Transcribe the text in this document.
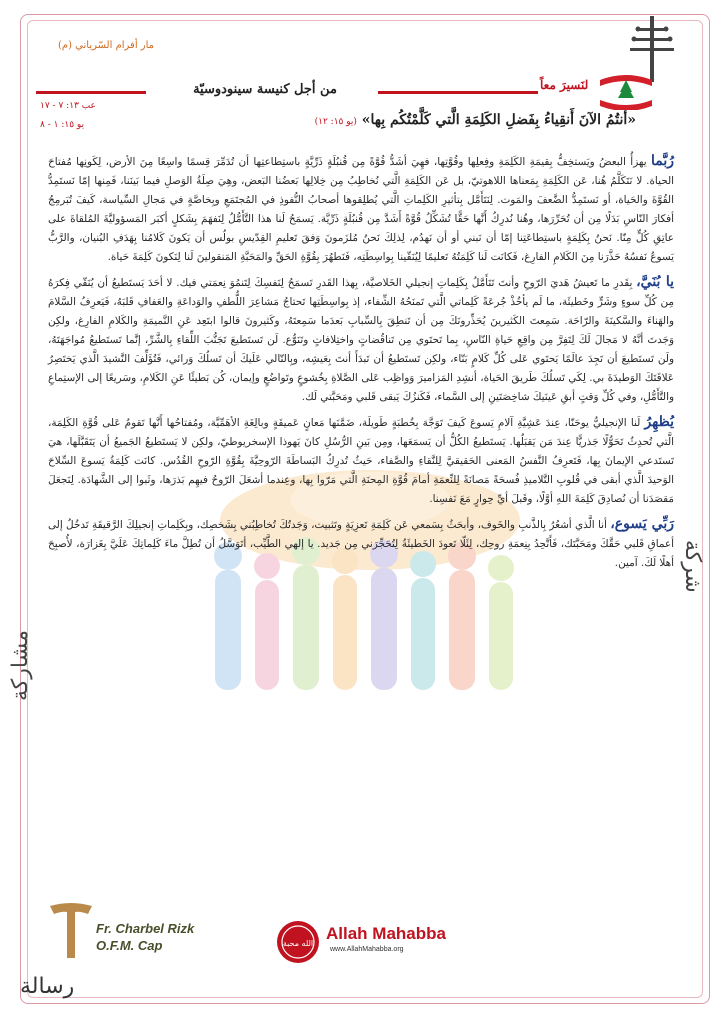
مار أفرام السّرياني (م)
لنَسيرَ معاً
من أجل كنيسة سينودوسيّة
عب ١٣: ٧ - ١٧
يو ١٥: ١ - ٨	«أنتُمُ الآنَ أَنقِياءُ بِفَضلِ الكَلِمَةِ الَّتي كَلَّمْتُكُم بِها» (يو ١٥: ١٢)
شركة
مشاركة
رسالة

رُبَّما يهزأُ البعضُ ويَستخِفُّ بِقيمَةِ الكَلِمَةِ وفِعلِها وقُوَّتِها، فهِيَ أشَدُّ قُوَّةً مِن قُنبُلَةٍ ذَرِّيَّةٍ باستِطاعتِها أن تُدَمِّرَ قِسمًا واسِعًا مِنَ الأرض، لِكَونِها مُفتاحَ الحياة. لا نَتَكَلَّمُ هُنا، عَن الكَلِمَةِ بِمَعناها اللاهوتيّ، بل عَن الكَلِمَةِ الَّتي نُخاطِبُ مِن خِلالِها بَعضُنا البَعض، وهِيَ صِلَةُ الوَصلِ فيما بَينَنا، فَمِنها إمّا نَستَمِدُّ القُوَّةَ والحَياة، أو نَستَمِدُّ الضَّعفَ والمَوت. لِنَتَأَمَّل بِتأثيرِ الكَلِماتِ الَّتي يُطلِقوها أصحابُ النُّفوذِ في المُجتَمَعِ وبِخاصَّةٍ في مَجالِ السِّياسة، كَيفَ تُبَرمِجُ أفكارَ النّاسِ بَدَلًا مِن أن تُحَرِّرَها، وهُنا نُدرِكُ أَنَّها حَقًّا تُشَكِّلُ قُوَّةً أَشَدَّ مِن قُنبُلَةٍ ذَرِّيَّة. يَسمَحُ لَنا هذا التَّأَمُّلُ لِنَفهَمَ بِشَكلٍ أكبَر المَسؤوليَّةَ المُلقاةَ على عاتِقِ كُلٍّ مِنّا. نَحنُ بِكَلِمَةٍ باستِطاعَتِنا إمّا أن نَبني أو أن نَهدُم، لِذلِكَ نَحنُ مُلزَمونَ وَفقَ تَعليمِ القِدّيسِ بولُس أن يَكونَ كَلامُنا بِهَدَفِ البُنيان، والرَّبُّ يَسوعُ نَفسُهُ حَذَّرَنا مِنَ الكَلامِ الفارِغ، فَكانَت لَنا كَلِمَتُهُ تَعليمًا لِيُنَقّينا بِواسِطَتِه، فَنَطهُرَ بِقُوَّةِ الحَقِّ والمَحَبَّةِ المَنقولينَ لَنا لِنَكونَ كَلِمَةَ حَياة.

يا بُنَيَّ، بِقَدرِ ما تَعيشُ هَديَ الرّوحِ وأنتَ تَتَأَمَّلُ بِكَلِماتِ إنجيلي الخَلاصيَّة، بِهذا القَدرِ تَسمَحُ لِنَفسِكَ لِتَنمُوَ نِعمَتي فيك. لا أحَدَ يَستَطيعُ أن يُنَقّي فِكرَهُ مِن كُلِّ سوءٍ وشَرٍّ وخَطيئَة، ما لَم يأخُذْ جُرعَةً كَلِماتي الَّتي تَمنَحُهُ الشِّفاء، إذ بِواسِطَتِها تَحتاجُ مَشاعِرَ اللُّطفِ والوَداعَةِ والعَفافِ قَلبَهُ، فَيَعرِفُ السَّلامَ والهَناءَ والسَّكينَةَ والرّاحَة. سَمِعتَ الكَثيرينَ يُحَذِّرونَكَ مِن أن تَنطِقَ بِالسِّبابِ بَعدَما سَمِعتَهُ، وكَثيرونَ قالوا ابتَعِد عَنِ النَّميمَةِ والكَلامِ الفارِغ، ولكِن وَجَدتَ أنَّهُ لا مَجالَ لَكَ لِتَفِرَّ مِن واقِعِ حَياةِ النّاسِ، بِما تَحتَوي مِن تَناقُضاتٍ واختِلافاتٍ وتَنَوُّع. لَن تَستَطيعَ تَجَنُّبَ اللِّقاءِ بِالشَّرِّ، إنَّما تَستَطيعُ مُواجَهَتَهُ، ولَن تَستَطيعَ أن تَجِدَ عالَمًا يَحتَوي عَلى كُلِّ كَلامٍ بَنّاء، ولكِن تَستَطيعُ أن تَبدَأَ أنتَ بِعَيشِه، وبِالتّالي عَلَيكَ أن تَسلُكَ وَرائي، فَتُؤَلِّفَ النَّشيدَ الَّذي يَختَصِرُ عَلاقَتَكَ الوَطيدَةَ بي. لِكَي تَسلُكَ طَريقَ الحَياة، أنشِدِ المَزاميرَ وَواظِب عَلى الصَّلاةِ بِخُشوعٍ وتَواضُعٍ وإيمان، كُن بَطيئًا عَنِ الكَلامِ، وسَريعًا إلى الإستِماعِ والتَّأَمُّلِ، وفي كُلِّ وَقتٍ أبقِ عَينَيكَ شاخِصَتَينِ إلى السَّماء، فَكَنزُكَ يَبقى قَلبي ومَحَبَّتي لَك.

يُظهِرُ لَنا الإنجيليُّ يوحَنّا، عِندَ عَشِيَّةِ آلامِ يَسوعَ كَيفَ تَوَجَّهَ بِخُطبَةٍ طَويلَة، ضَمَّنَها مَعانٍ عَميقَةٍ وبالِغَةِ الأهَمِّيَّة، ومُفتاحُها أَنَّها تَقومُ عَلى قُوَّةِ الكَلِمَة، الَّتي تُحدِثُ تَحَوُّلًا جَذريًّا عِندَ مَن يَقبَلُها. يَستَطيعُ الكُلُّ أن يَسمَعَها، ومِن بَينِ الرُّسُلِ كانَ يَهوذا الإسخريوطيّ، ولكِن لا يَستَطيعُ الجَميعُ أن يَتَقَبَّلَها، هيَ تَستَدعي الإيمانَ بِها، فَتَعرِفُ النَّفسُ المَعنى الحَقيقيَّ لِلنَّقاءِ والصَّفاء، حَيثُ تُدرِكُ البَساطَةَ الرّوحِيَّةَ بِقُوَّةِ الرّوحِ القُدُس. كانَت كَلِمَةُ يَسوعَ السِّلاحَ الوَحيدَ الَّذي أبقى في قُلوبِ التَّلاميذِ فُسحَةً مَصانَةً لِلنِّعمَةِ أمامَ قُوَّةِ المِحنَةِ الَّتي مَرّوا بِها، وعِندما أشعَلَ الرّوحُ فيهِم بَذرَها، وثَبوا إلى الشَّهادَة. لِنَجعَلَ مَقصَدَنا أن نُصادِقَ كَلِمَةَ اللهِ أوَّلًا، وقَبلَ أيِّ حِوارٍ مَعَ نَفسِنا.

رَبِّي يَسوع، أنا الَّذي أشعُرُ بِالذَّنبِ والخَوف، وأبحَثُ بِسَمعي عَن كَلِمَةِ تَعزِيَةٍ وتَثبيت، وَجَدتُكَ تُخاطِبُني بِشَخصِك، وبِكَلِماتِ إنجيلِكَ الرَّقيقَةِ تَدخُلُ إلى أعماقِ قَلبي حَقَّكَ ومَحَبَّتَك، فَأَتَّحِدُ بِنِعمَةِ روحِك، لِئَلّا تَعودَ الخَطيئَةُ لِتُحَجِّرَني مِن جَديد. يا إلهي الطَّيِّب، أتَوَسَّلُ أن تُطِلَّ ماءَ كَلِماتِكَ عَلَيَّ بِغَزارَة، لأُصبِحَ أهلًا لَكَ. آمين.

Fr. Charbel Rizk
O.F.M. Cap	الله محبة
Allah Mahabba
www.AllahMahabba.org
